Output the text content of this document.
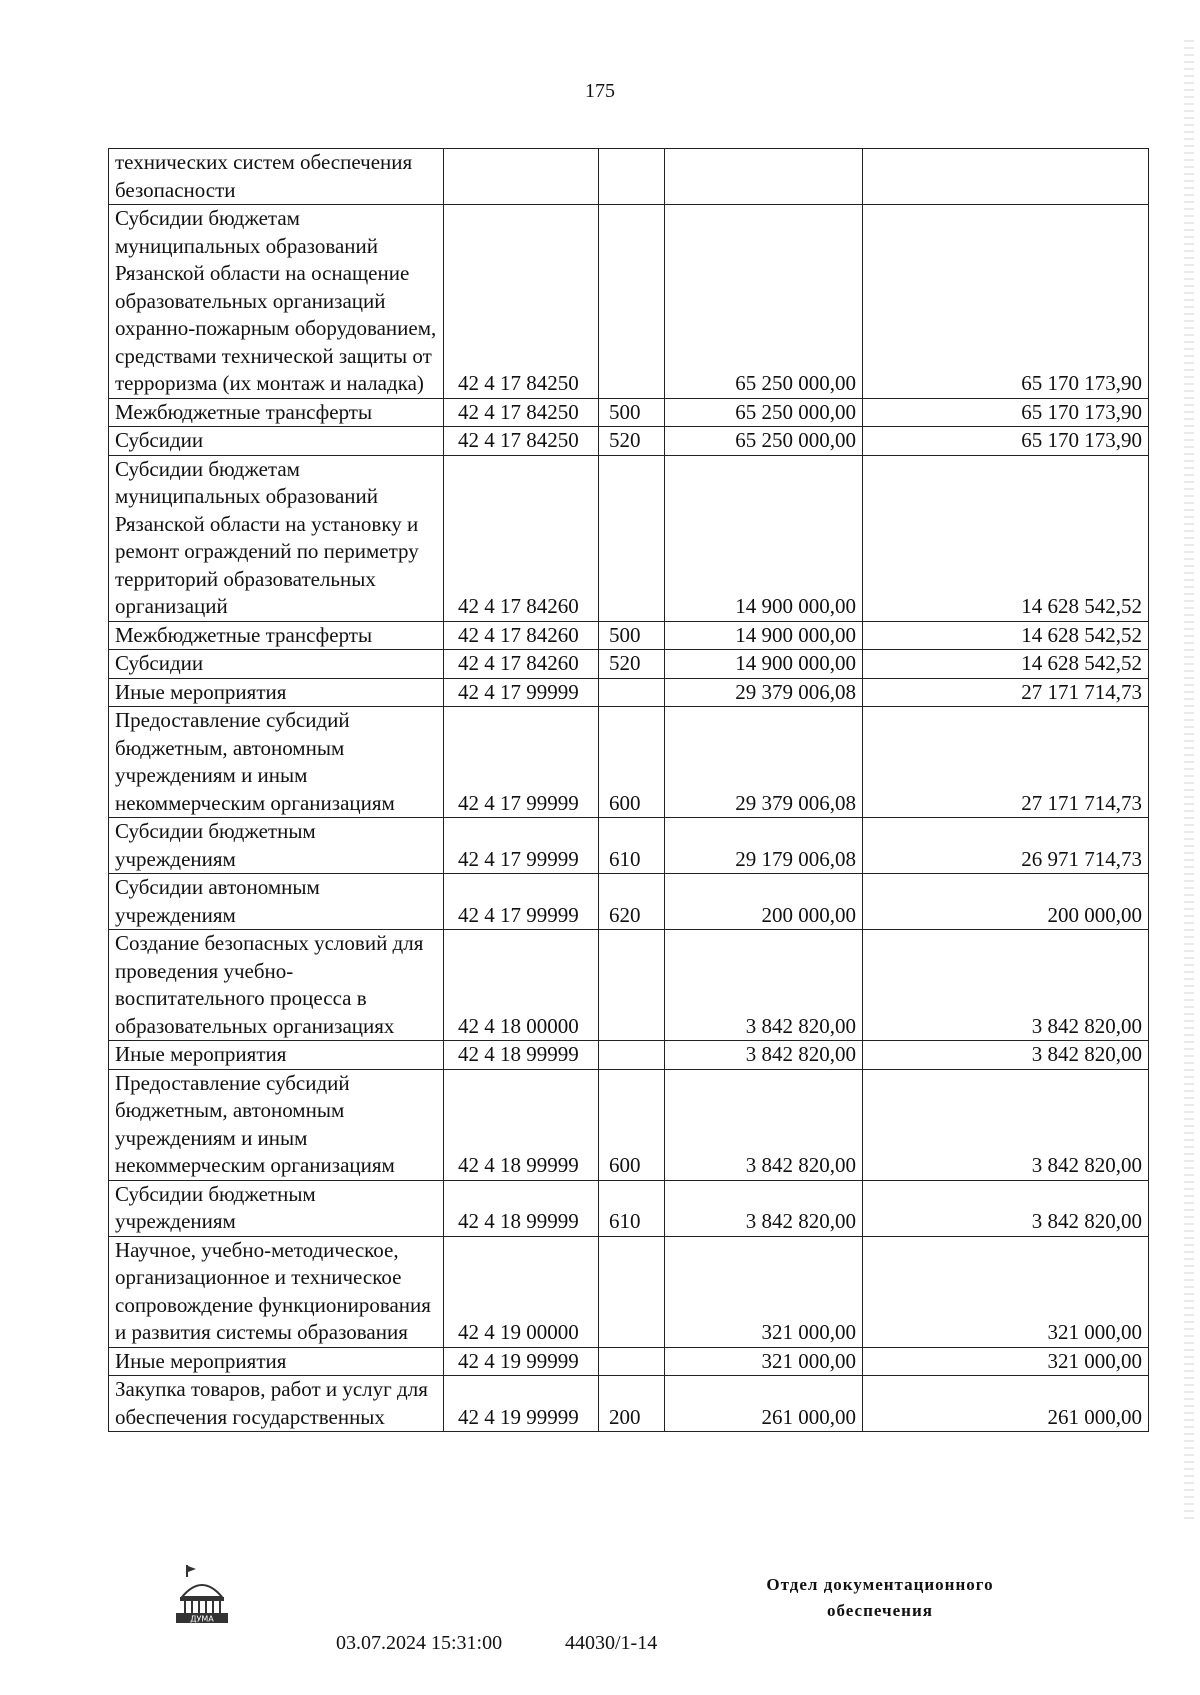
175
технических систем обеспечения безопасности				
Субсидии бюджетам муниципальных образований Рязанской области на оснащение образовательных организаций охранно-пожарным оборудованием, средствами технической защиты от терроризма (их монтаж и наладка)	42 4 17 84250		65 250 000,00	65 170 173,90
Межбюджетные трансферты	42 4 17 84250	500	65 250 000,00	65 170 173,90
Субсидии	42 4 17 84250	520	65 250 000,00	65 170 173,90
Субсидии бюджетам муниципальных образований Рязанской области на установку и ремонт ограждений по периметру территорий образовательных организаций	42 4 17 84260		14 900 000,00	14 628 542,52
Межбюджетные трансферты	42 4 17 84260	500	14 900 000,00	14 628 542,52
Субсидии	42 4 17 84260	520	14 900 000,00	14 628 542,52
Иные мероприятия	42 4 17 99999		29 379 006,08	27 171 714,73
Предоставление субсидий бюджетным, автономным учреждениям и иным некоммерческим организациям	42 4 17 99999	600	29 379 006,08	27 171 714,73
Субсидии бюджетным учреждениям	42 4 17 99999	610	29 179 006,08	26 971 714,73
Субсидии автономным учреждениям	42 4 17 99999	620	200 000,00	200 000,00
Создание безопасных условий для проведения учебно-воспитательного процесса в образовательных организациях	42 4 18 00000		3 842 820,00	3 842 820,00
Иные мероприятия	42 4 18 99999		3 842 820,00	3 842 820,00
Предоставление субсидий бюджетным, автономным учреждениям и иным некоммерческим организациям	42 4 18 99999	600	3 842 820,00	3 842 820,00
Субсидии бюджетным учреждениям	42 4 18 99999	610	3 842 820,00	3 842 820,00
Научное, учебно-методическое, организационное и техническое сопровождение функционирования и развития системы образования	42 4 19 00000		321 000,00	321 000,00
Иные мероприятия	42 4 19 99999		321 000,00	321 000,00
Закупка товаров, работ и услуг для обеспечения государственных	42 4 19 99999	200	261 000,00	261 000,00
ДУМА
03.07.2024 15:31:00	44030/1-14
Отдел документационного обеспечения
